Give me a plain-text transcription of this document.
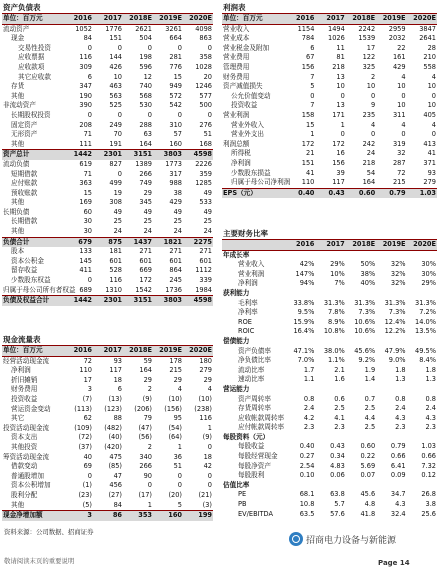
资产负债表
单位：百万元	2016	2017	2018E	2019E	2020E
流动资产	1052	1776	2621	3261	4098
现金	84	151	504	664	863
交易性投资	0	0	0	0	0
应收票据	116	144	198	281	358
应收款项	309	426	596	776	1028
其它应收款	6	10	12	15	20
存货	347	463	740	949	1246
其他	190	563	568	572	577
非流动资产	390	525	530	542	500
长期股权投资	0	0	0	0	0
固定资产	208	249	288	310	276
无形资产	71	70	63	57	51
其他	111	191	164	160	168
资产总计	1442	2301	3151	3803	4598
流动负债	619	827	1389	1773	2226
短期借款	71	0	266	317	359
应付账款	363	499	749	988	1285
预收账款	15	19	29	38	49
其他	169	308	345	429	533
长期负债	60	49	49	49	49
长期借款	30	25	25	25	25
其他	30	24	24	24	24
负债合计	679	875	1437	1821	2275
股本	133	181	271	271	271
资本公积金	145	601	601	601	601
留存收益	411	528	669	864	1112
少数股东权益	0	116	172	245	339
归属于母公司所有者权益	689	1310	1542	1736	1984
负债及权益合计	1442	2301	3151	3803	4598
现金流量表
单位：百万元	2016	2017	2018E	2019E	2020E
经营活动现金流	72	93	59	178	180
净利润	110	117	164	215	279
折旧摊销	17	18	29	29	29
财务费用	3	6	2	4	4
投资收益	(7)	(13)	(9)	(10)	(10)
营运资金变动	(113)	(123)	(206)	(156)	(238)
其它	62	88	79	95	116
投资活动现金流	(109)	(482)	(47)	(54)	1
资本支出	(72)	(40)	(56)	(64)	(9)
其他投资	(37)	(420)	2	1	0
筹资活动现金流	40	475	340	36	18
借款变动	69	(85)	266	51	42
普通股增加	0	47	90	0	0
资本公积增加	(1)	456	0	0	0
股利分配	(23)	(27)	(17)	(20)	(21)
其他	(5)	84	1	5	(3)
现金净增加额	3	86	353	160	199
资料来源：公司数据、招商证券
敬请阅读末页的重要说明
利润表
单位：百万元	2016	2017	2018E	2019E	2020E
营业收入	1154	1494	2242	2959	3847
营业成本	784	1026	1539	2032	2641
营业税金及附加	6	11	17	22	28
营业费用	67	81	122	161	210
管理费用	156	218	325	429	558
财务费用	7	13	2	4	4
资产减值损失	5	10	10	10	10
公允价值变动	0	0	0	0	0
投资收益	7	13	9	10	10
营业利润	158	171	235	311	405
营业外收入	15	1	4	4	4
营业外支出	1	0	0	0	0
利润总额	172	172	242	319	413
所得税	21	16	24	32	41
净利润	151	156	218	287	371
少数股东损益	41	39	54	72	93
归属于母公司净利润	110	117	164	215	279
EPS（元）	0.40	0.43	0.60	0.79	1.03
主要财务比率
	2016	2017	2018E	2019E	2020E
年成长率					
营业收入	42%	29%	50%	32%	30%
营业利润	147%	10%	38%	32%	30%
净利润	94%	7%	40%	32%	29%
获利能力					
毛利率	33.8%	31.3%	31.3%	31.3%	31.3%
净利率	9.5%	7.8%	7.3%	7.3%	7.2%
ROE	15.9%	8.9%	10.6%	12.4%	14.0%
ROIC	16.4%	10.8%	10.6%	12.2%	13.5%
偿债能力					
资产负债率	47.1%	38.0%	45.6%	47.9%	49.5%
净负债比率	7.0%	1.1%	9.2%	9.0%	8.4%
流动比率	1.7	2.1	1.9	1.8	1.8
速动比率	1.1	1.6	1.4	1.3	1.3
营运能力					
资产周转率	0.8	0.6	0.7	0.8	0.8
存货周转率	2.4	2.5	2.5	2.4	2.4
应收帐款周转率	4.2	4.1	4.4	4.3	4.3
应付帐款周转率	2.3	2.3	2.5	2.3	2.3
每股资料（元）					
每股收益	0.40	0.43	0.60	0.79	1.03
每股经营现金	0.27	0.34	0.22	0.66	0.66
每股净资产	2.54	4.83	5.69	6.41	7.32
每股股利	0.10	0.06	0.07	0.09	0.12
估值比率					
PE	68.1	63.8	45.6	34.7	26.8
PB	10.8	5.7	4.8	4.3	3.8
EV/EBITDA	63.5	57.6	41.8	32.4	25.6
招商电力设备与新能源
Page 14
